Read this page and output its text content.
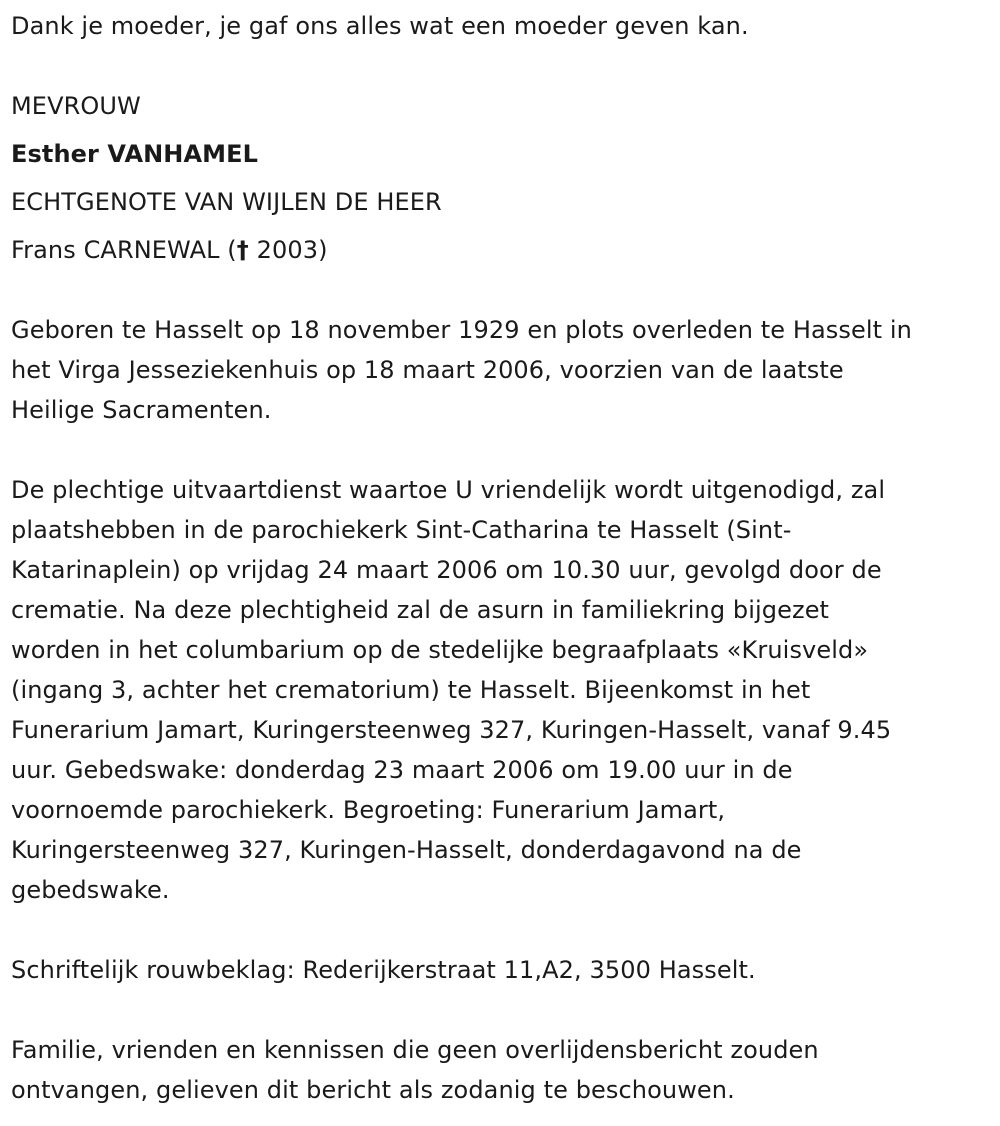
Dank je moeder, je gaf ons alles wat een moeder geven kan.
MEVROUW
Esther VANHAMEL
ECHTGENOTE VAN WIJLEN DE HEER
Frans CARNEWAL († 2003)
Geboren te Hasselt op 18 november 1929 en plots overleden te Hasselt in
het Virga Jesseziekenhuis op 18 maart 2006, voorzien van de laatste
Heilige Sacramenten.
De plechtige uitvaartdienst waartoe U vriendelijk wordt uitgenodigd, zal
plaatshebben in de parochiekerk Sint-Catharina te Hasselt (Sint-
Katarinaplein) op vrijdag 24 maart 2006 om 10.30 uur, gevolgd door de
crematie. Na deze plechtigheid zal de asurn in familiekring bijgezet
worden in het columbarium op de stedelijke begraafplaats «Kruisveld»
(ingang 3, achter het crematorium) te Hasselt. Bijeenkomst in het
Funerarium Jamart, Kuringersteenweg 327, Kuringen-Hasselt, vanaf 9.45
uur. Gebedswake: donderdag 23 maart 2006 om 19.00 uur in de
voornoemde parochiekerk. Begroeting: Funerarium Jamart,
Kuringersteenweg 327, Kuringen-Hasselt, donderdagavond na de
gebedswake.
Schriftelijk rouwbeklag: Rederijkerstraat 11,A2, 3500 Hasselt.
Familie, vrienden en kennissen die geen overlijdensbericht zouden
ontvangen, gelieven dit bericht als zodanig te beschouwen.
